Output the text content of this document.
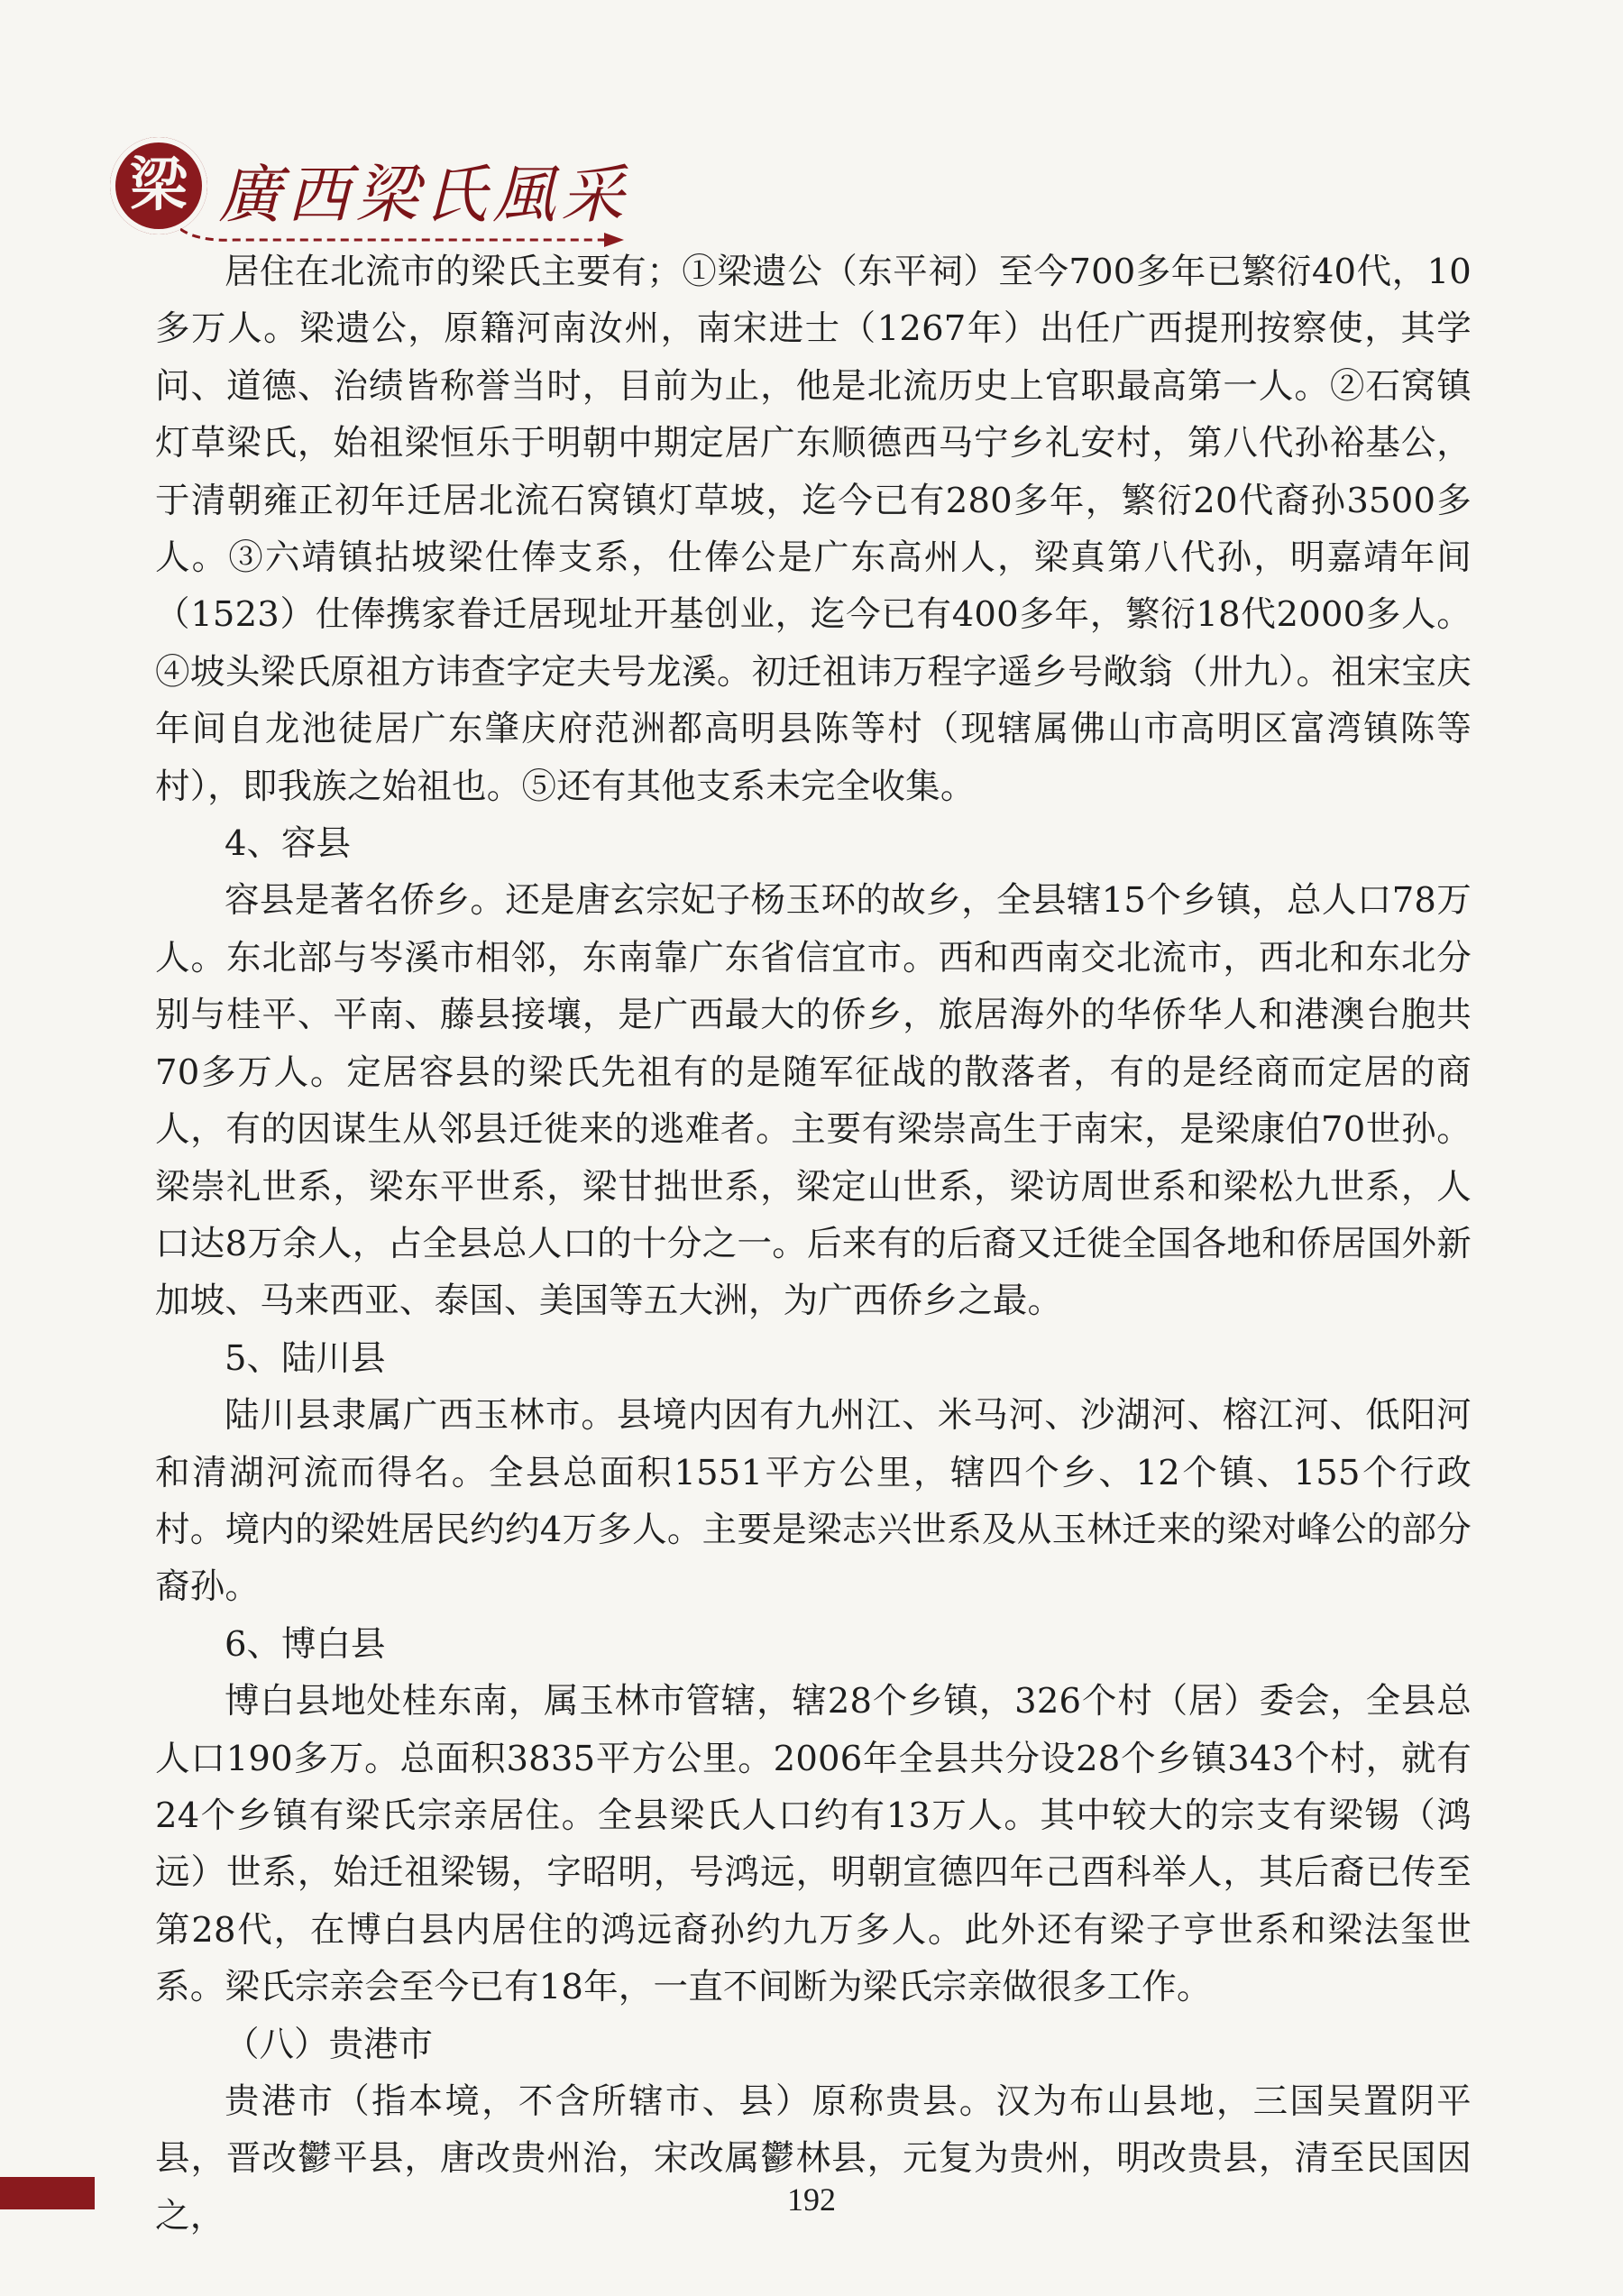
梁 廣西梁氏風采

居住在北流市的梁氏主要有；①梁遗公（东平祠）至今700多年已繁衍40代，10多万人。梁遗公，原籍河南汝州，南宋进士（1267年）出任广西提刑按察使，其学问、道德、治绩皆称誉当时，目前为止，他是北流历史上官职最高第一人。②石窝镇灯草梁氏，始祖梁恒乐于明朝中期定居广东顺德西马宁乡礼安村，第八代孙裕基公，于清朝雍正初年迁居北流石窝镇灯草坡，迄今已有280多年，繁衍20代裔孙3500多人。③六靖镇拈坡梁仕俸支系，仕俸公是广东高州人，梁真第八代孙，明嘉靖年间（1523）仕俸携家眷迁居现址开基创业，迄今已有400多年，繁衍18代2000多人。④坡头梁氏原祖方讳查字定夫号龙溪。初迁祖讳万程字遥乡号敞翁（卅九）。祖宋宝庆年间自龙池徒居广东肇庆府范洲都高明县陈等村（现辖属佛山市高明区富湾镇陈等村），即我族之始祖也。⑤还有其他支系未完全收集。

4、容县

容县是著名侨乡。还是唐玄宗妃子杨玉环的故乡，全县辖15个乡镇，总人口78万人。东北部与岑溪市相邻，东南靠广东省信宜市。西和西南交北流市，西北和东北分别与桂平、平南、藤县接壤，是广西最大的侨乡，旅居海外的华侨华人和港澳台胞共70多万人。定居容县的梁氏先祖有的是随军征战的散落者，有的是经商而定居的商人，有的因谋生从邻县迁徙来的逃难者。主要有梁崇高生于南宋，是梁康伯70世孙。梁崇礼世系，梁东平世系，梁甘拙世系，梁定山世系，梁访周世系和梁松九世系，人口达8万余人，占全县总人口的十分之一。后来有的后裔又迁徙全国各地和侨居国外新加坡、马来西亚、泰国、美国等五大洲，为广西侨乡之最。

5、陆川县

陆川县隶属广西玉林市。县境内因有九州江、米马河、沙湖河、榕江河、低阳河和清湖河流而得名。全县总面积1551平方公里，辖四个乡、12个镇、155个行政村。境内的梁姓居民约约4万多人。主要是梁志兴世系及从玉林迁来的梁对峰公的部分裔孙。

6、博白县

博白县地处桂东南，属玉林市管辖，辖28个乡镇，326个村（居）委会，全县总人口190多万。总面积3835平方公里。2006年全县共分设28个乡镇343个村，就有24个乡镇有梁氏宗亲居住。全县梁氏人口约有13万人。其中较大的宗支有梁锡（鸿远）世系，始迁祖梁锡，字昭明，号鸿远，明朝宣德四年己酉科举人，其后裔已传至第28代，在博白县内居住的鸿远裔孙约九万多人。此外还有梁子亨世系和梁法玺世系。梁氏宗亲会至今已有18年，一直不间断为梁氏宗亲做很多工作。

（八）贵港市

贵港市（指本境，不含所辖市、县）原称贵县。汉为布山县地，三国吴置阴平县，晋改鬱平县，唐改贵州治，宋改属鬱林县，元复为贵州，明改贵县，清至民国因之，	192
